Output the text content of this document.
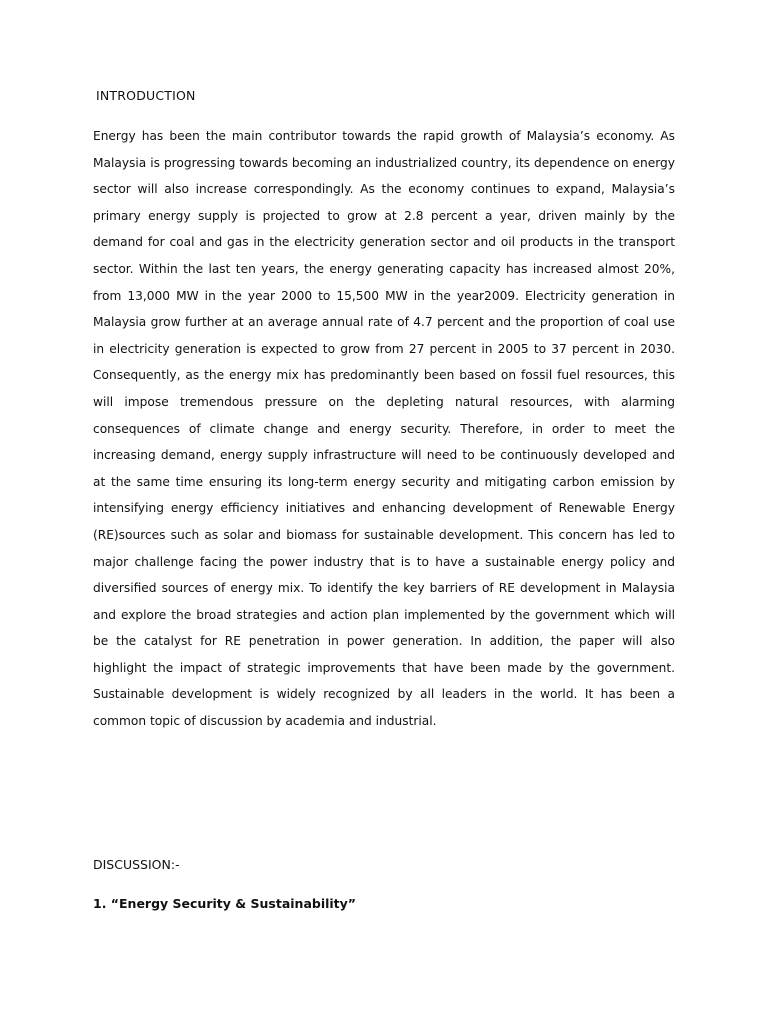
INTRODUCTION

Energy has been the main contributor towards the rapid growth of Malaysia’s economy. As Malaysia is progressing towards becoming an industrialized country, its dependence on energy sector will also increase correspondingly. As the economy continues to expand, Malaysia’s primary energy supply is projected to grow at 2.8 percent a year, driven mainly by the demand for coal and gas in the electricity generation sector and oil products in the transport sector. Within the last ten years, the energy generating capacity has increased almost 20%, from 13,000 MW in the year 2000 to 15,500 MW in the year2009. Electricity generation in Malaysia grow further at an average annual rate of 4.7 percent and the proportion of coal use in electricity generation is expected to grow from 27 percent in 2005 to 37 percent in 2030. Consequently, as the energy mix has predominantly been based on fossil fuel resources, this will impose tremendous pressure on the depleting natural resources, with alarming consequences of climate change and energy security. Therefore, in order to meet the increasing demand, energy supply infrastructure will need to be continuously developed and at the same time ensuring its long-term energy security and mitigating carbon emission by intensifying energy efficiency initiatives and enhancing development of Renewable Energy (RE)sources such as solar and biomass for sustainable development. This concern has led to major challenge facing the power industry that is to have a sustainable energy policy and diversified sources of energy mix. To identify the key barriers of RE development in Malaysia and explore the broad strategies and action plan implemented by the government which will be the catalyst for RE penetration in power generation. In addition, the paper will also highlight the impact of strategic improvements that have been made by the government. Sustainable development is widely recognized by all leaders in the world. It has been a common topic of discussion by academia and industrial.

DISCUSSION:-
1. “Energy Security & Sustainability”
